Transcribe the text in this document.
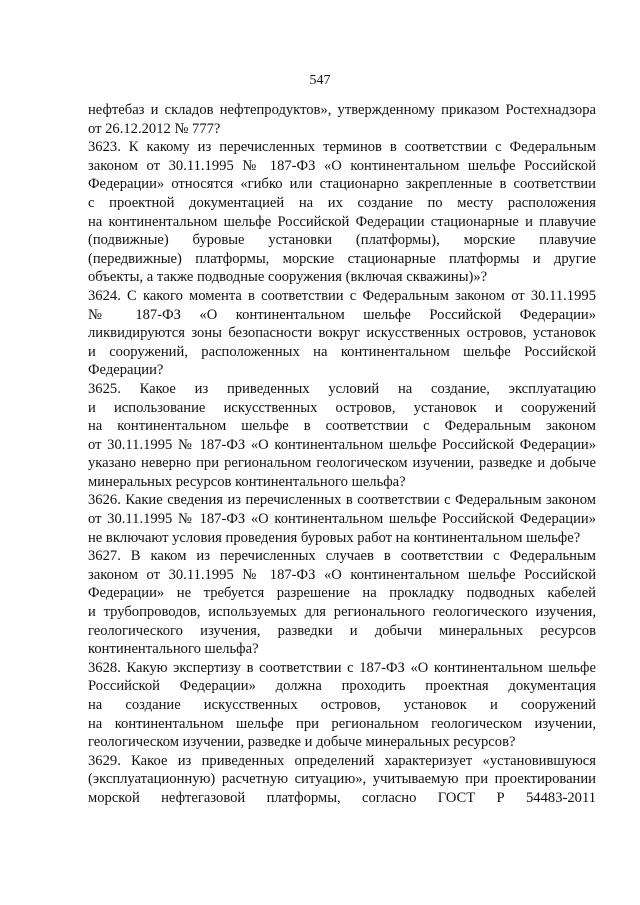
547
нефтебаз и складов нефтепродуктов», утвержденному приказом Ростехнадзора
от 26.12.2012 № 777?
3623. К какому из перечисленных терминов в соответствии с Федеральным
законом от 30.11.1995 № 187-ФЗ «О континентальном шельфе Российской
Федерации» относятся «гибко или стационарно закрепленные в соответствии
с проектной документацией на их создание по месту расположения
на континентальном шельфе Российской Федерации стационарные и плавучие
(подвижные) буровые установки (платформы), морские плавучие
(передвижные) платформы, морские стационарные платформы и другие
объекты, а также подводные сооружения (включая скважины)»?
3624. С какого момента в соответствии с Федеральным законом от 30.11.1995
№ 187-ФЗ «О континентальном шельфе Российской Федерации»
ликвидируются зоны безопасности вокруг искусственных островов, установок
и сооружений, расположенных на континентальном шельфе Российской
Федерации?
3625. Какое из приведенных условий на создание, эксплуатацию
и использование искусственных островов, установок и сооружений
на континентальном шельфе в соответствии с Федеральным законом
от 30.11.1995 № 187-ФЗ «О континентальном шельфе Российской Федерации»
указано неверно при региональном геологическом изучении, разведке и добыче
минеральных ресурсов континентального шельфа?
3626. Какие сведения из перечисленных в соответствии с Федеральным законом
от 30.11.1995 № 187-ФЗ «О континентальном шельфе Российской Федерации»
не включают условия проведения буровых работ на континентальном шельфе?
3627. В каком из перечисленных случаев в соответствии с Федеральным
законом от 30.11.1995 № 187-ФЗ «О континентальном шельфе Российской
Федерации» не требуется разрешение на прокладку подводных кабелей
и трубопроводов, используемых для регионального геологического изучения,
геологического изучения, разведки и добычи минеральных ресурсов
континентального шельфа?
3628. Какую экспертизу в соответствии с 187-ФЗ «О континентальном шельфе
Российской Федерации» должна проходить проектная документация
на создание искусственных островов, установок и сооружений
на континентальном шельфе при региональном геологическом изучении,
геологическом изучении, разведке и добыче минеральных ресурсов?
3629. Какое из приведенных определений характеризует «установившуюся
(эксплуатационную) расчетную ситуацию», учитываемую при проектировании
морской нефтегазовой платформы, согласно ГОСТ Р 54483-2011
